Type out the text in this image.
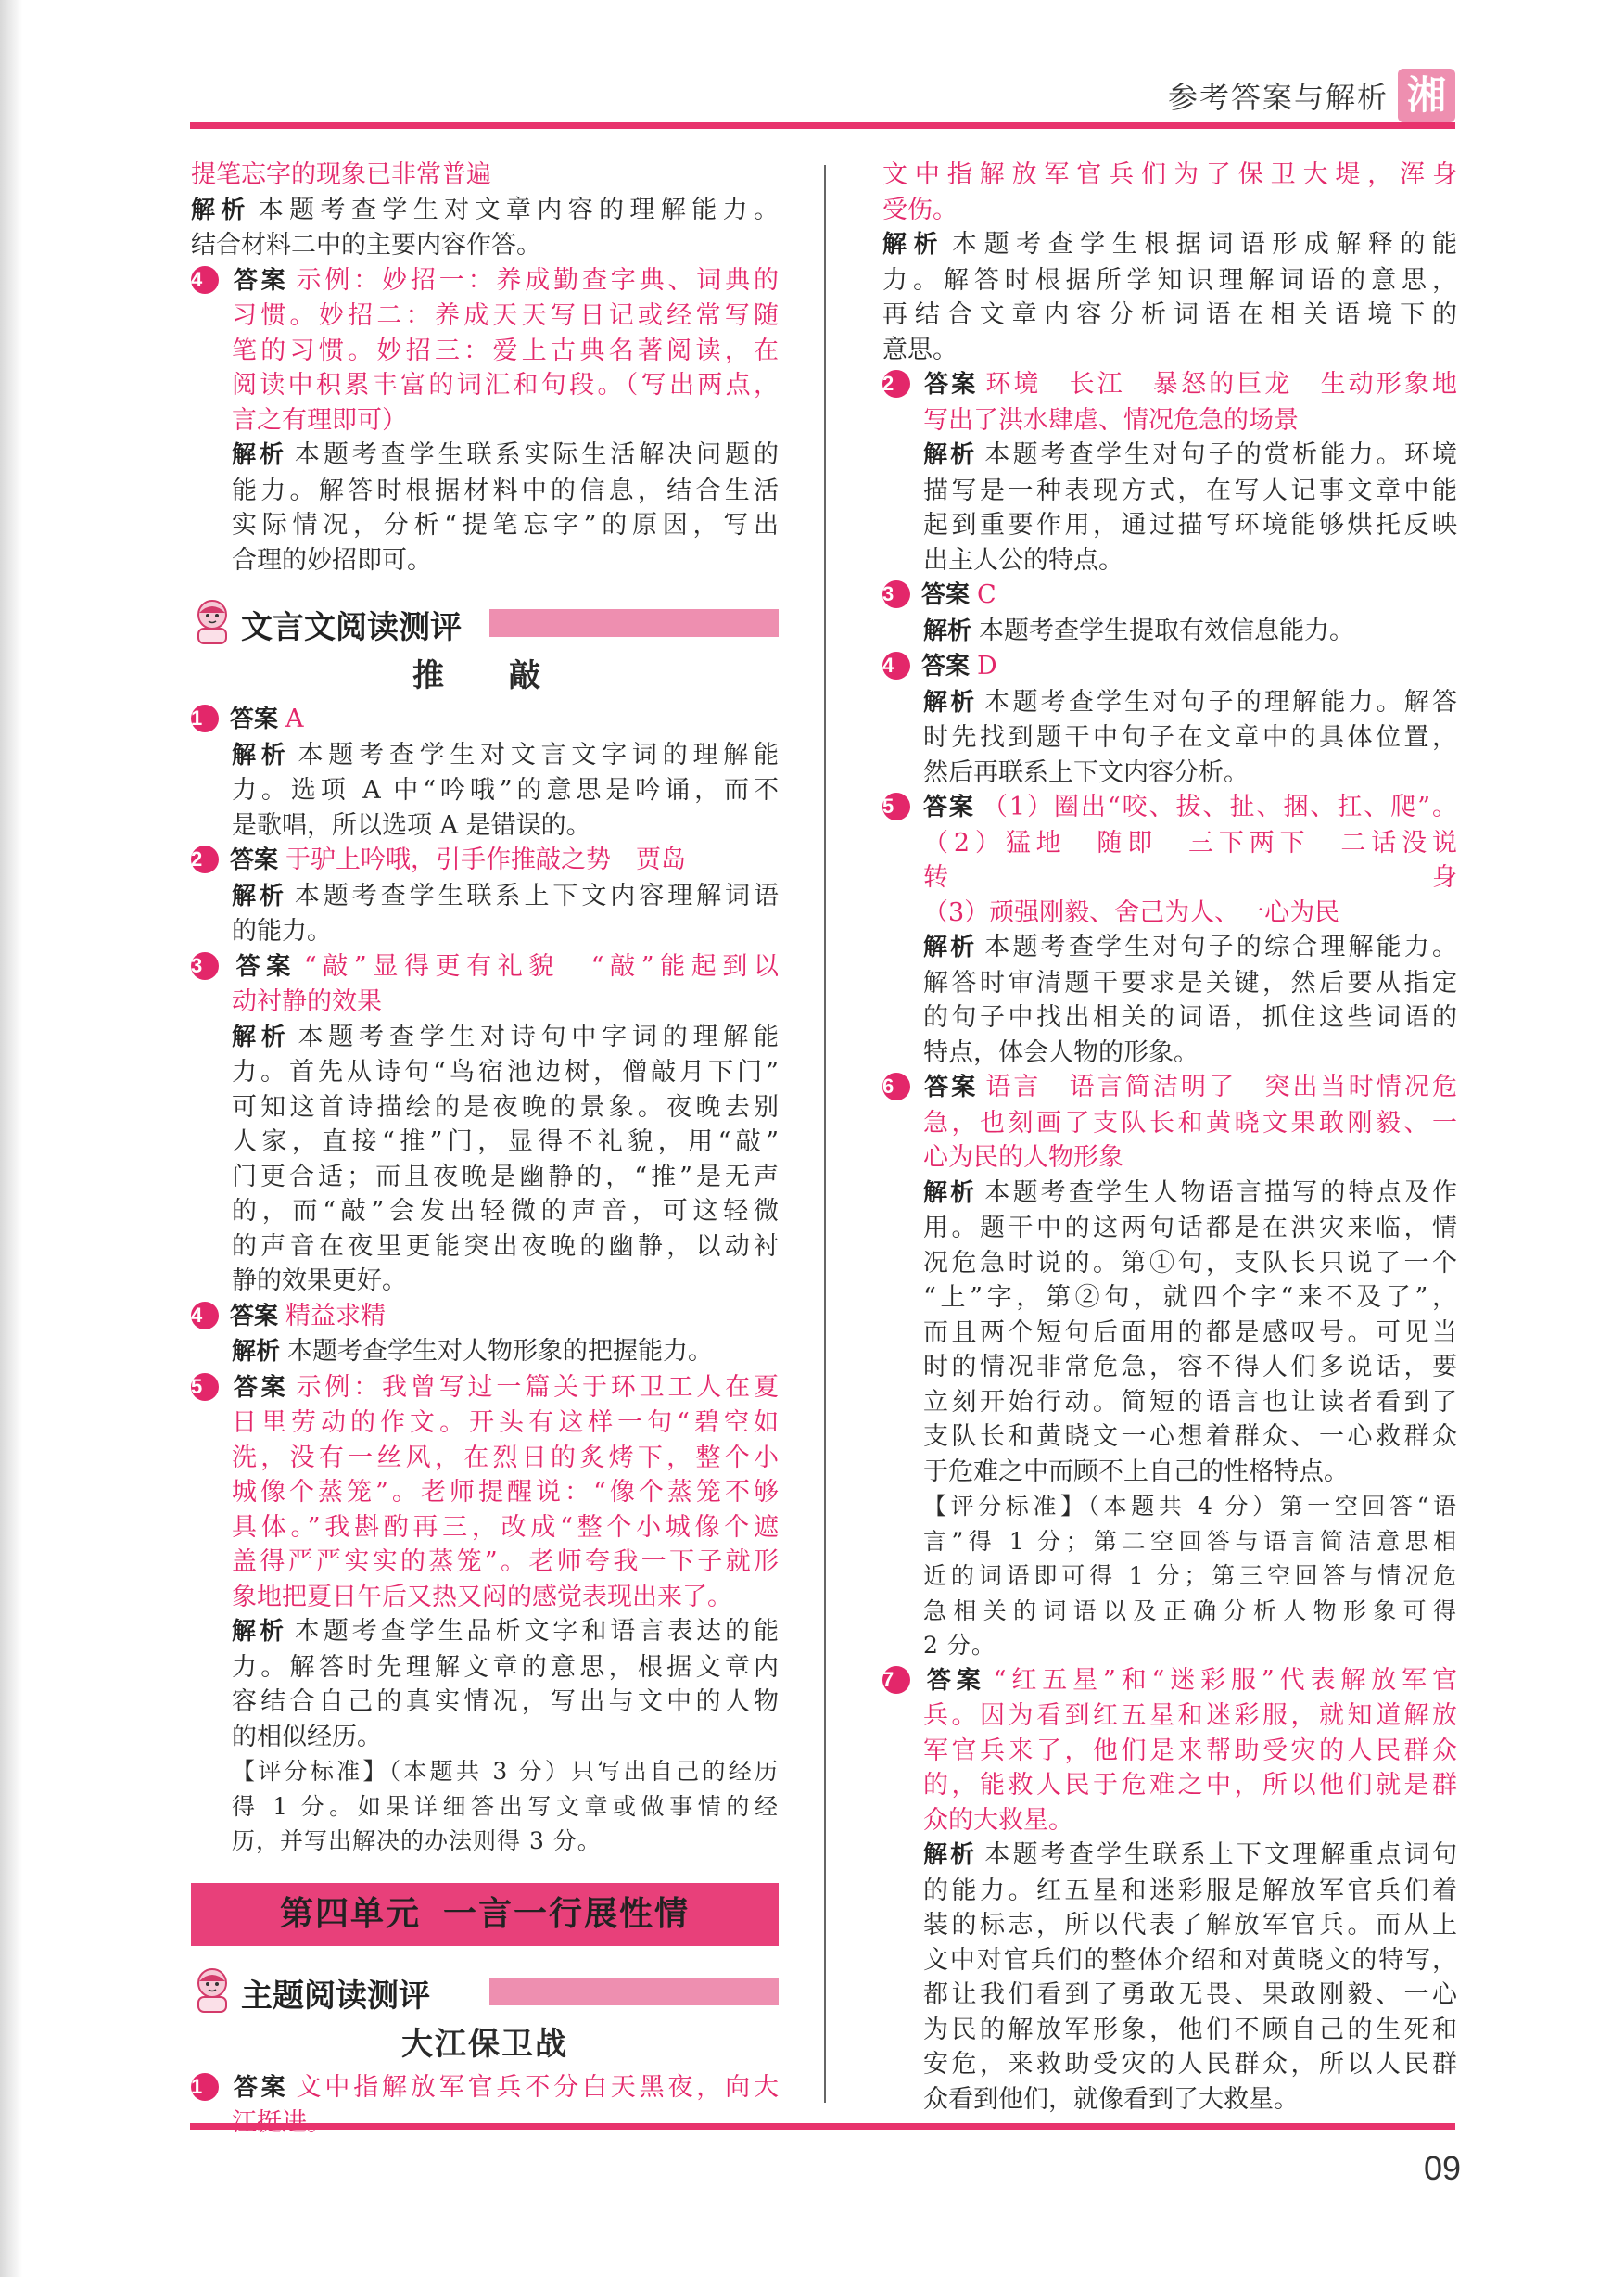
参考答案与解析 湘
提笔忘字的现象已非常普遍
解析 本题考查学生对文章内容的理解能力。
结合材料二中的主要内容作答。
4 答案 示例：妙招一：养成勤查字典、词典的
习惯。妙招二：养成天天写日记或经常写随
笔的习惯。妙招三：爱上古典名著阅读，在
阅读中积累丰富的词汇和句段。（写出两点，
言之有理即可）
解析 本题考查学生联系实际生活解决问题的
能力。解答时根据材料中的信息，结合生活
实际情况，分析“提笔忘字”的原因，写出
合理的妙招即可。
文言文阅读测评
推　敲
1 答案 A
解析 本题考查学生对文言文字词的理解能
力。选项 A 中“吟哦”的意思是吟诵，而不
是歌唱，所以选项 A 是错误的。
2 答案 于驴上吟哦，引手作推敲之势　贾岛
解析 本题考查学生联系上下文内容理解词语
的能力。
3 答案 “敲”显得更有礼貌　“敲”能起到以
动衬静的效果
解析 本题考查学生对诗句中字词的理解能
力。首先从诗句“鸟宿池边树，僧敲月下门”
可知这首诗描绘的是夜晚的景象。夜晚去别
人家，直接“推”门，显得不礼貌，用“敲”
门更合适；而且夜晚是幽静的，“推”是无声
的，而“敲”会发出轻微的声音，可这轻微
的声音在夜里更能突出夜晚的幽静，以动衬
静的效果更好。
4 答案 精益求精
解析 本题考查学生对人物形象的把握能力。
5 答案 示例：我曾写过一篇关于环卫工人在夏
日里劳动的作文。开头有这样一句“碧空如
洗，没有一丝风，在烈日的炙烤下，整个小
城像个蒸笼”。老师提醒说：“像个蒸笼不够
具体。”我斟酌再三，改成“整个小城像个遮
盖得严严实实的蒸笼”。老师夸我一下子就形
象地把夏日午后又热又闷的感觉表现出来了。
解析 本题考查学生品析文字和语言表达的能
力。解答时先理解文章的意思，根据文章内
容结合自己的真实情况，写出与文中的人物
的相似经历。
【评分标准】（本题共 3 分）只写出自己的经历
得 1 分。如果详细答出写文章或做事情的经
历，并写出解决的办法则得 3 分。
第四单元 一言一行展性情
主题阅读测评
大江保卫战
1 答案 文中指解放军官兵不分白天黑夜，向大
文中指解放军官兵们为了保卫大堤，浑身
受伤。
解析 本题考查学生根据词语形成解释的能
力。解答时根据所学知识理解词语的意思，
再结合文章内容分析词语在相关语境下的
意思。
2 答案 环境　长江　暴怒的巨龙　生动形象地
写出了洪水肆虐、情况危急的场景
解析 本题考查学生对句子的赏析能力。环境
描写是一种表现方式，在写人记事文章中能
起到重要作用，通过描写环境能够烘托反映
出主人公的特点。
3 答案 C
解析 本题考查学生提取有效信息能力。
4 答案 D
解析 本题考查学生对句子的理解能力。解答
时先找到题干中句子在文章中的具体位置，
然后再联系上下文内容分析。
5 答案 （1）圈出“咬、拔、扯、捆、扛、爬”。
（2）猛地　随即　三下两下　二话没说
转身
（3）顽强刚毅、舍己为人、一心为民
解析 本题考查学生对句子的综合理解能力。
解答时审清题干要求是关键，然后要从指定
的句子中找出相关的词语，抓住这些词语的
特点，体会人物的形象。
6 答案 语言　语言简洁明了　突出当时情况危
急，也刻画了支队长和黄晓文果敢刚毅、一
心为民的人物形象
解析 本题考查学生人物语言描写的特点及作
用。题干中的这两句话都是在洪灾来临，情
况危急时说的。第①句，支队长只说了一个
“上”字，第②句，就四个字“来不及了”，
而且两个短句后面用的都是感叹号。可见当
时的情况非常危急，容不得人们多说话，要
立刻开始行动。简短的语言也让读者看到了
支队长和黄晓文一心想着群众、一心救群众
于危难之中而顾不上自己的性格特点。
【评分标准】（本题共 4 分）第一空回答“语
言”得 1 分；第二空回答与语言简洁意思相
近的词语即可得 1 分；第三空回答与情况危
急相关的词语以及正确分析人物形象可得
2 分。
7 答案 “红五星”和“迷彩服”代表解放军官
兵。因为看到红五星和迷彩服，就知道解放
军官兵来了，他们是来帮助受灾的人民群众
的，能救人民于危难之中，所以他们就是群
众的大救星。
解析 本题考查学生联系上下文理解重点词句
的能力。红五星和迷彩服是解放军官兵们着
装的标志，所以代表了解放军官兵。而从上
文中对官兵们的整体介绍和对黄晓文的特写，
都让我们看到了勇敢无畏、果敢刚毅、一心
为民的解放军形象，他们不顾自己的生死和
安危，来救助受灾的人民群众，所以人民群
众看到他们，就像看到了大救星。
09
